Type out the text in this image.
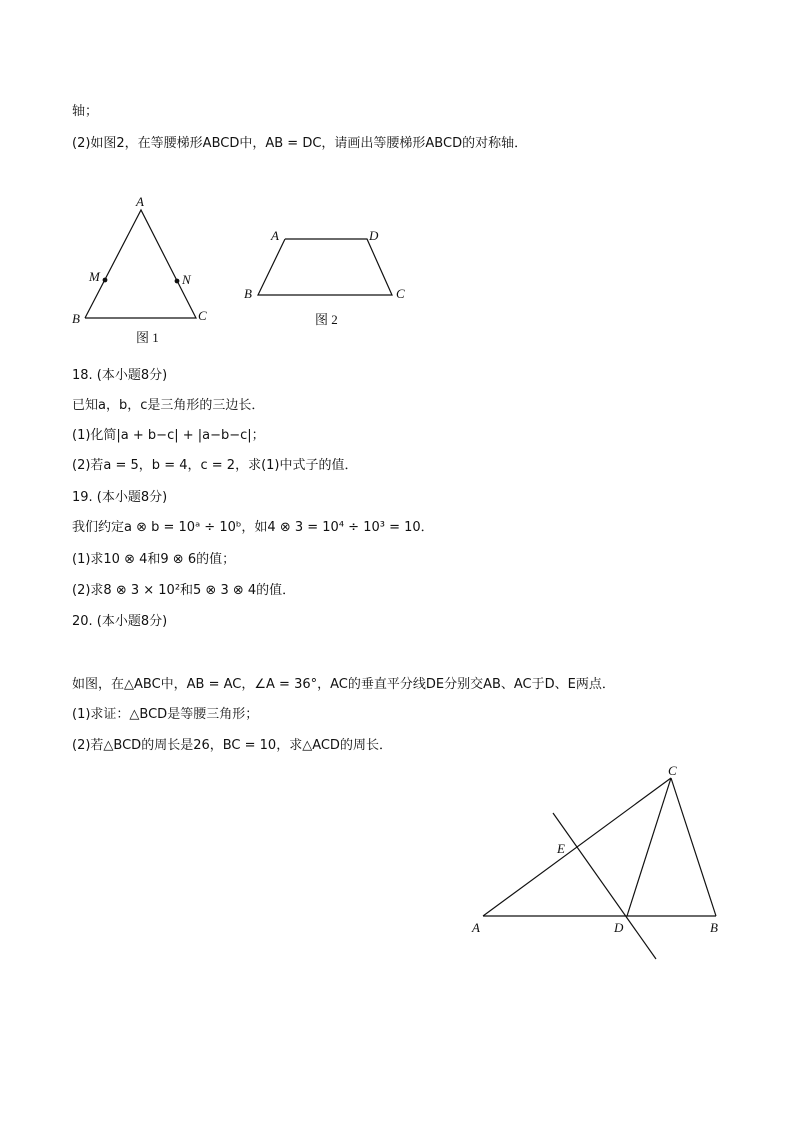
轴；
(2)如图2，在等腰梯形ABCD中，AB = DC，请画出等腰梯形ABCD的对称轴．
18. (本小题8分)
已知a，b，c是三角形的三边长．
(1)化简|a + b−c| + |a−b−c|；
(2)若a = 5，b = 4，c = 2，求(1)中式子的值．
19. (本小题8分)
我们约定a ⊗ b = 10ᵃ ÷ 10ᵇ，如4 ⊗ 3 = 10⁴ ÷ 10³ = 10．
(1)求10 ⊗ 4和9 ⊗ 6的值；
(2)求8 ⊗ 3 × 10²和5 ⊗ 3 ⊗ 4的值．
20. (本小题8分)
如图，在△ABC中，AB = AC，∠A = 36°，AC的垂直平分线DE分别交AB、AC于D、E两点．
(1)求证：△BCD是等腰三角形；
(2)若△BCD的周长是26，BC = 10，求△ACD的周长．
A
B	C
M	N
图 1
A	D
B	C
图 2
A	B
C
D
E
